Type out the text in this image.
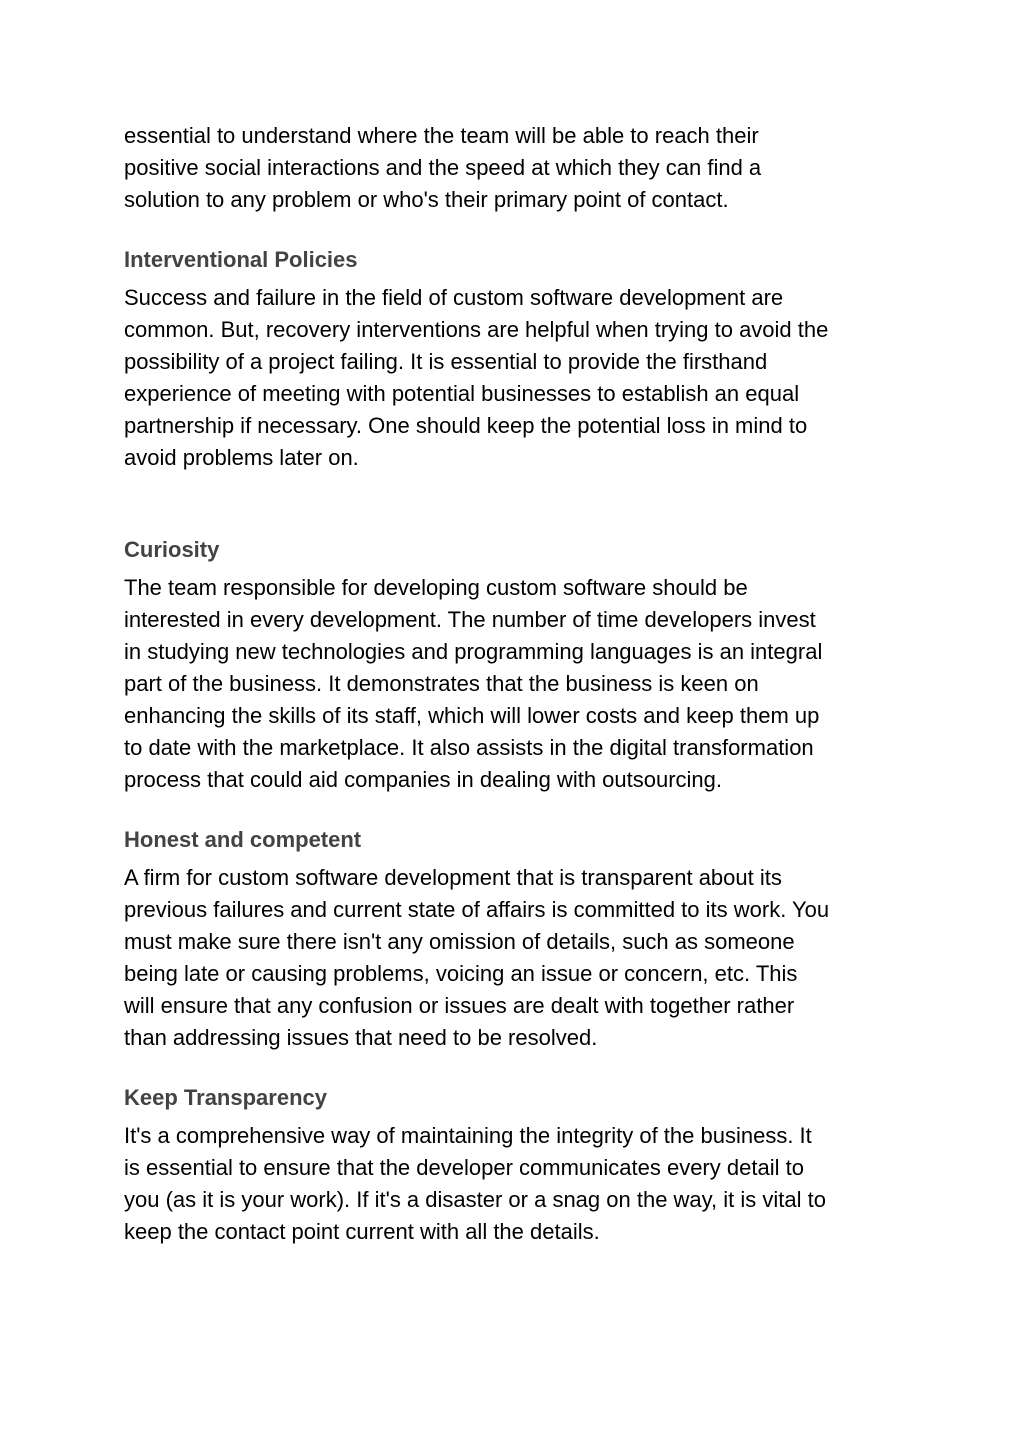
essential to understand where the team will be able to reach their
positive social interactions and the speed at which they can find a
solution to any problem or who's their primary point of contact.

Interventional Policies

Success and failure in the field of custom software development are
common. But, recovery interventions are helpful when trying to avoid the
possibility of a project failing. It is essential to provide the firsthand
experience of meeting with potential businesses to establish an equal
partnership if necessary. One should keep the potential loss in mind to
avoid problems later on.

Curiosity

The team responsible for developing custom software should be
interested in every development. The number of time developers invest
in studying new technologies and programming languages is an integral
part of the business. It demonstrates that the business is keen on
enhancing the skills of its staff, which will lower costs and keep them up
to date with the marketplace. It also assists in the digital transformation
process that could aid companies in dealing with outsourcing.

Honest and competent

A firm for custom software development that is transparent about its
previous failures and current state of affairs is committed to its work. You
must make sure there isn't any omission of details, such as someone
being late or causing problems, voicing an issue or concern, etc. This
will ensure that any confusion or issues are dealt with together rather
than addressing issues that need to be resolved.

Keep Transparency

It's a comprehensive way of maintaining the integrity of the business. It
is essential to ensure that the developer communicates every detail to
you (as it is your work). If it's a disaster or a snag on the way, it is vital to
keep the contact point current with all the details.
